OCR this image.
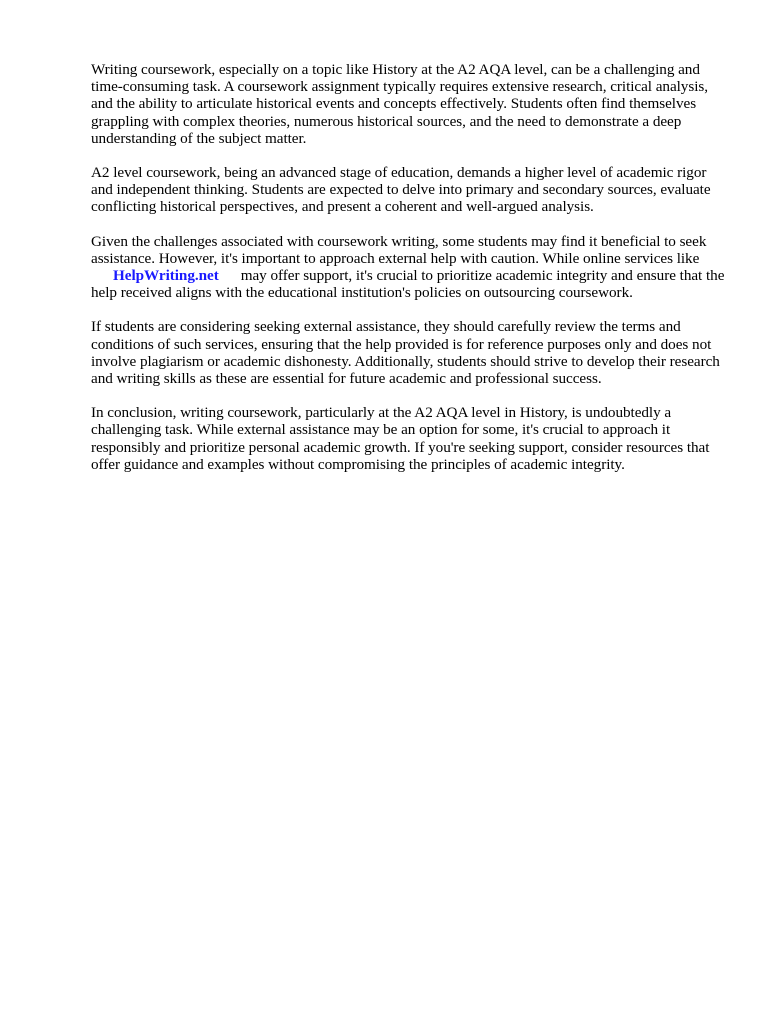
Writing coursework, especially on a topic like History at the A2 AQA level, can be a challenging and time-consuming task. A coursework assignment typically requires extensive research, critical analysis, and the ability to articulate historical events and concepts effectively. Students often find themselves grappling with complex theories, numerous historical sources, and the need to demonstrate a deep understanding of the subject matter.

A2 level coursework, being an advanced stage of education, demands a higher level of academic rigor and independent thinking. Students are expected to delve into primary and secondary sources, evaluate conflicting historical perspectives, and present a coherent and well-argued analysis.

Given the challenges associated with coursework writing, some students may find it beneficial to seek assistance. However, it's important to approach external help with caution. While online services likeHelpWriting.net may offer support, it's crucial to prioritize academic integrity and ensure that the help received aligns with the educational institution's policies on outsourcing coursework.

If students are considering seeking external assistance, they should carefully review the terms and conditions of such services, ensuring that the help provided is for reference purposes only and does not involve plagiarism or academic dishonesty. Additionally, students should strive to develop their research and writing skills as these are essential for future academic and professional success.

In conclusion, writing coursework, particularly at the A2 AQA level in History, is undoubtedly a challenging task. While external assistance may be an option for some, it's crucial to approach it responsibly and prioritize personal academic growth. If you're seeking support, consider resources that offer guidance and examples without compromising the principles of academic integrity.
